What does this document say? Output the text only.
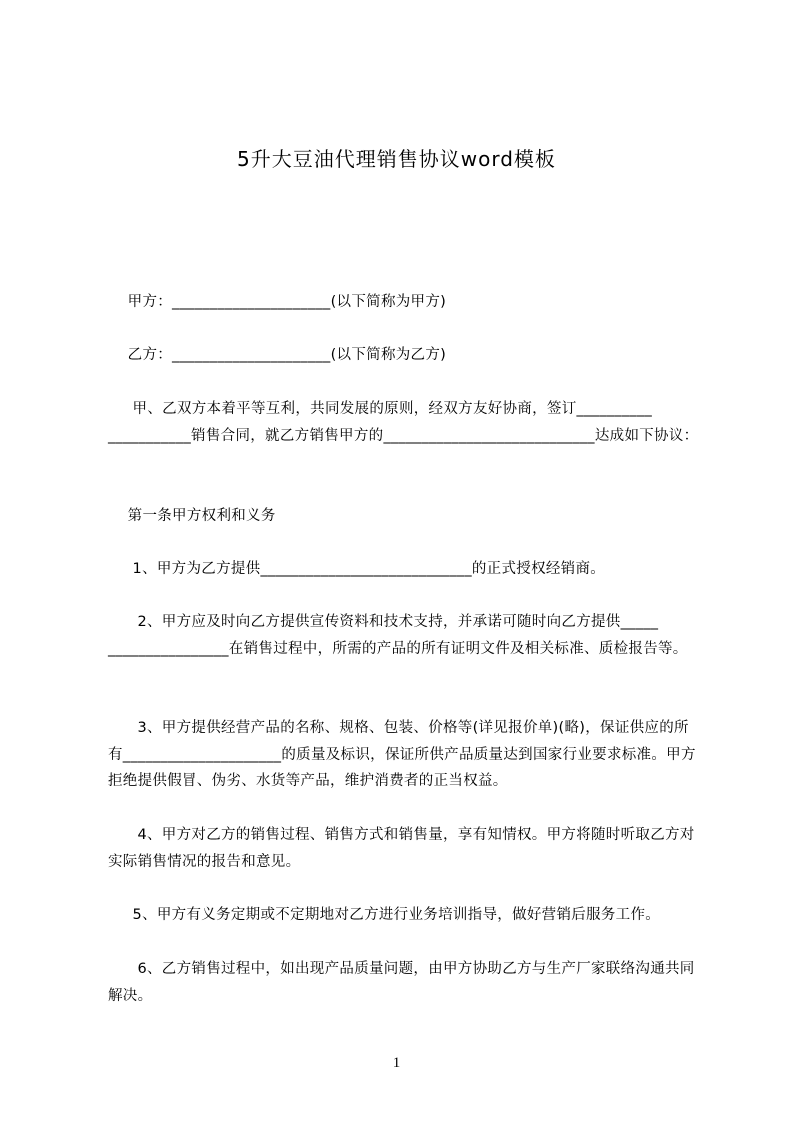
5升大豆油代理销售协议word模板
甲方：_____________________(以下简称为甲方)
乙方：_____________________(以下简称为乙方)
甲、乙双方本着平等互利，共同发展的原则，经双方友好协商，签订__________ ___________销售合同，就乙方销售甲方的____________________________达成如下协议：
第一条甲方权利和义务
1、甲方为乙方提供____________________________的正式授权经销商。
2、甲方应及时向乙方提供宣传资料和技术支持，并承诺可随时向乙方提供_____ ________________在销售过程中，所需的产品的所有证明文件及相关标准、质检报告等。
3、甲方提供经营产品的名称、规格、包装、价格等(详见报价单)(略)，保证供应的所有_____________________的质量及标识，保证所供产品质量达到国家行业要求标准。甲方拒绝提供假冒、伪劣、水货等产品，维护消费者的正当权益。
4、甲方对乙方的销售过程、销售方式和销售量，享有知情权。甲方将随时听取乙方对实际销售情况的报告和意见。
5、甲方有义务定期或不定期地对乙方进行业务培训指导，做好营销后服务工作。
6、乙方销售过程中，如出现产品质量问题，由甲方协助乙方与生产厂家联络沟通共同解决。
1
